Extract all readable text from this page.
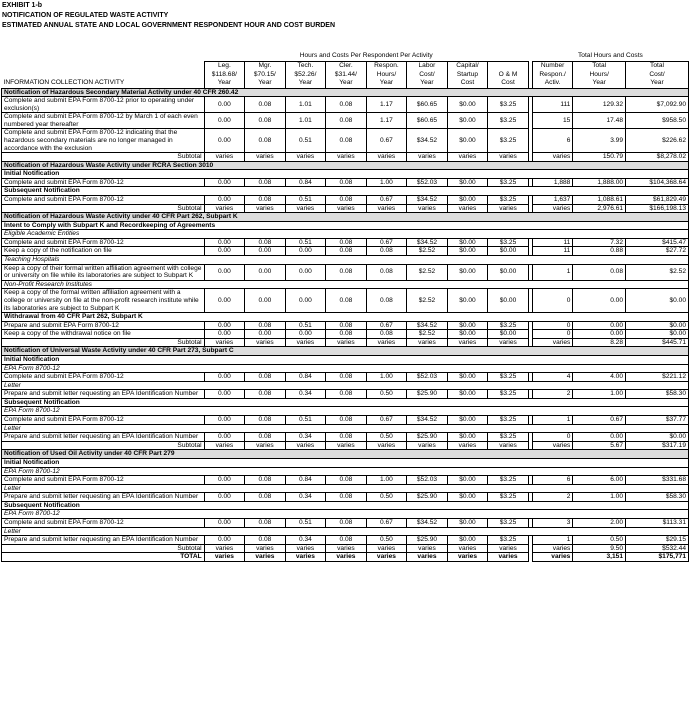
EXHIBIT 1-b
NOTIFICATION OF REGULATED WASTE ACTIVITY
ESTIMATED ANNUAL STATE AND LOCAL GOVERNMENT RESPONDENT HOUR AND COST BURDEN
	Hours and Costs Per Respondent Per Activity									Total Hours and Costs		
	Leg.	Mgr.	Tech.	Cler.	Respon.	Labor	Capital/			Number	Total	Total
	$118.68/	$70.15/	$52.26/	$31.44/	Hours/	Cost/	Startup	O & M		Respon./	Hours/	Cost/
INFORMATION COLLECTION ACTIVITY	Year	Year	Year	Year	Year	Year	Cost	Cost		Activ.	Year	Year
Notification of Hazardous Secondary Material Activity under 40 CFR 260.42												
Complete and submit EPA Form 8700-12 prior to operating under exclusion(s)	0.00	0.08	1.01	0.08	1.17	$60.65	$0.00	$3.25		111	129.32	$7,092.90
Complete and submit EPA Form 8700-12 by March 1 of each even numbered year thereafter	0.00	0.08	1.01	0.08	1.17	$60.65	$0.00	$3.25		15	17.48	$958.50
Complete and submit EPA Form 8700-12 indicating that the hazardous secondary materials are no longer managed in accordance with the exclusion	0.00	0.08	0.51	0.08	0.67	$34.52	$0.00	$3.25		6	3.99	$226.62
Subtotal	varies	varies	varies	varies	varies	varies	varies	varies		varies	150.79	$8,278.02
Notification of Hazardous Waste Activity under RCRA Section 3010												
Initial Notification												
Complete and submit EPA Form 8700-12	0.00	0.08	0.84	0.08	1.00	$52.03	$0.00	$3.25		1,888	1,888.00	$104,368.64
Subsequent Notification												
Complete and submit EPA Form 8700-12	0.00	0.08	0.51	0.08	0.67	$34.52	$0.00	$3.25		1,637	1,088.61	$61,829.49
Subtotal	varies	varies	varies	varies	varies	varies	varies	varies		varies	2,976.61	$166,198.13
Notification of Hazardous Waste Activity under 40 CFR Part 262, Subpart K												
Intent to Comply with Subpart K and Recordkeeping of Agreements												
Eligible Academic Entities												
Complete and submit EPA Form 8700-12	0.00	0.08	0.51	0.08	0.67	$34.52	$0.00	$3.25		11	7.32	$415.47
Keep a copy of the notification on file	0.00	0.00	0.00	0.08	0.08	$2.52	$0.00	$0.00		11	0.88	$27.72
Teaching Hospitals												
Keep a copy of their formal written affiliation agreement with college or university on file while its laboratories are subject to Subpart K	0.00	0.00	0.00	0.08	0.08	$2.52	$0.00	$0.00		1	0.08	$2.52
Non-Profit Research Institutes												
Keep a copy of the formal written affiliation agreement with a college or university on file at the non-profit research institute while its laboratories are subject to Subpart K	0.00	0.00	0.00	0.08	0.08	$2.52	$0.00	$0.00		0	0.00	$0.00
Withdrawal from 40 CFR Part 262, Subpart K												
Prepare and submit EPA Form 8700-12	0.00	0.08	0.51	0.08	0.67	$34.52	$0.00	$3.25		0	0.00	$0.00
Keep a copy of the withdrawal notice on file	0.00	0.00	0.00	0.08	0.08	$2.52	$0.00	$0.00		0	0.00	$0.00
Subtotal	varies	varies	varies	varies	varies	varies	varies	varies		varies	8.28	$445.71
Notification of Universal Waste Activity under 40 CFR Part 273, Subpart C												
Initial Notification												
EPA Form 8700-12												
Complete and submit EPA Form 8700-12	0.00	0.08	0.84	0.08	1.00	$52.03	$0.00	$3.25		4	4.00	$221.12
Letter												
Prepare and submit letter requesting an EPA Identification Number	0.00	0.08	0.34	0.08	0.50	$25.90	$0.00	$3.25		2	1.00	$58.30
Subsequent Notification												
EPA Form 8700-12												
Complete and submit EPA Form 8700-12	0.00	0.08	0.51	0.08	0.67	$34.52	$0.00	$3.25		1	0.67	$37.77
Letter												
Prepare and submit letter requesting an EPA Identification Number	0.00	0.08	0.34	0.08	0.50	$25.90	$0.00	$3.25		0	0.00	$0.00
Subtotal	varies	varies	varies	varies	varies	varies	varies	varies		varies	5.67	$317.19
Notification of Used Oil Activity under 40 CFR Part 279												
Initial Notification												
EPA Form 8700-12												
Complete and submit EPA Form 8700-12	0.00	0.08	0.84	0.08	1.00	$52.03	$0.00	$3.25		6	6.00	$331.68
Letter												
Prepare and submit letter requesting an EPA Identification Number	0.00	0.08	0.34	0.08	0.50	$25.90	$0.00	$3.25		2	1.00	$58.30
Subsequent Notification												
EPA Form 8700-12												
Complete and submit EPA Form 8700-12	0.00	0.08	0.51	0.08	0.67	$34.52	$0.00	$3.25		3	2.00	$113.31
Letter												
Prepare and submit letter requesting an EPA Identification Number	0.00	0.08	0.34	0.08	0.50	$25.90	$0.00	$3.25		1	0.50	$29.15
Subtotal	varies	varies	varies	varies	varies	varies	varies	varies		varies	9.50	$532.44
TOTAL	varies	varies	varies	varies	varies	varies	varies	varies		varies	3,151	$175,771
